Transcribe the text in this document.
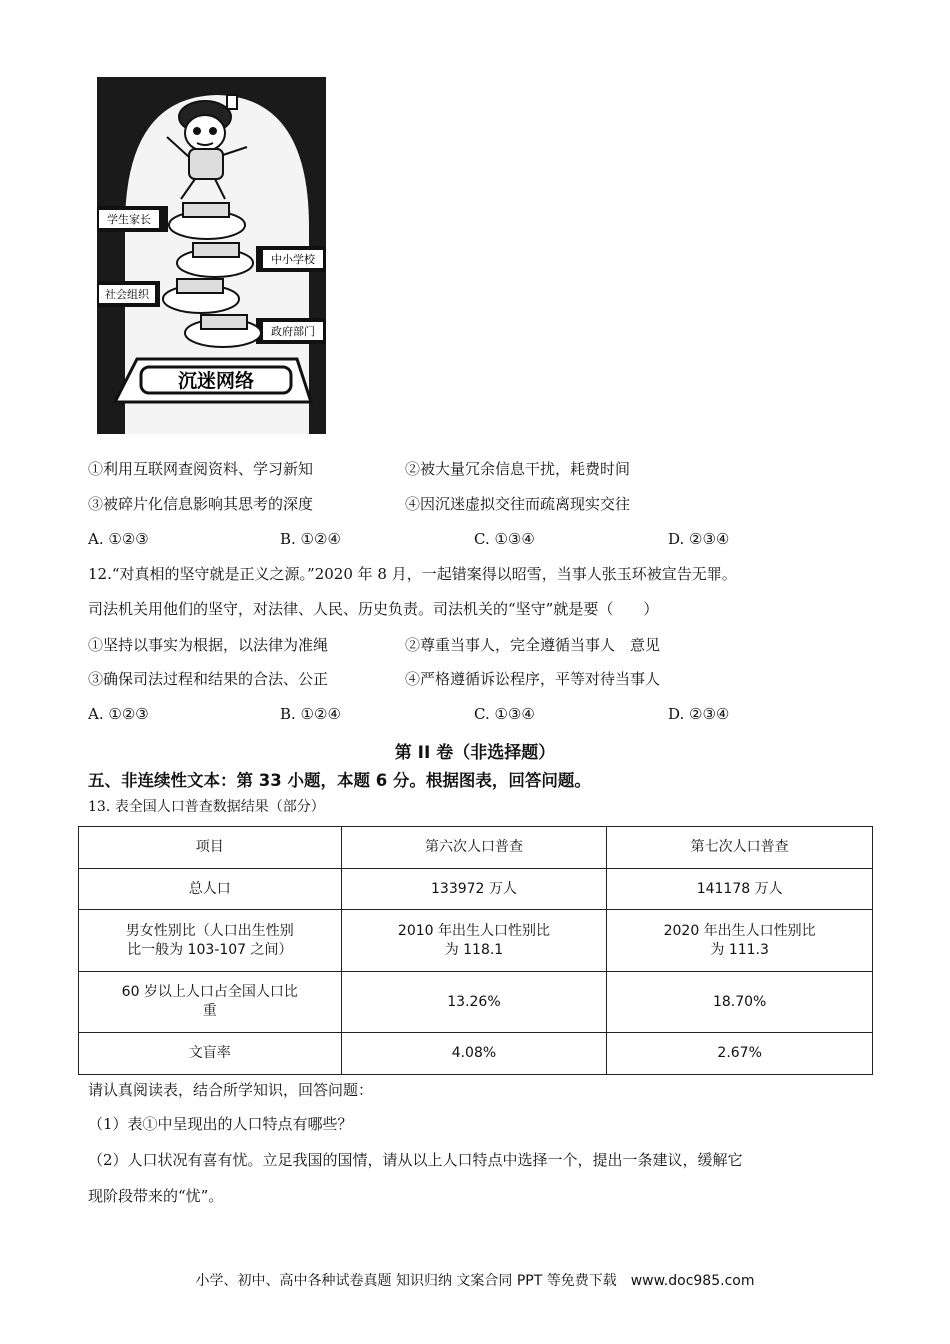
学生家长
中小学校
社会组织
政府部门
沉迷网络
①利用互联网查阅资料、学习新知	②被大量冗余信息干扰，耗费时间
③被碎片化信息影响其思考的深度	④因沉迷虚拟交往而疏离现实交往
A. ①②③	B. ①②④	C. ①③④	D. ②③④
12.“对真相的坚守就是正义之源。”2020 年 8 月，一起错案得以昭雪，当事人张玉环被宣告无罪。
司法机关用他们的坚守，对法律、人民、历史负责。司法机关的“坚守”就是要（　　）
①坚持以事实为根据，以法律为准绳	②尊重当事人，完全遵循当事人　意见
③确保司法过程和结果的合法、公正	④严格遵循诉讼程序，平等对待当事人
A. ①②③	B. ①②④	C. ①③④	D. ②③④
第 II 卷（非选择题）
五、非连续性文本：第 33 小题，本题 6 分。根据图表，回答问题。
13. 表全国人口普查数据结果（部分）
项目	第六次人口普查	第七次人口普查
总人口	133972 万人	141178 万人
男女性别比（人口出生性别比一般为 103-107 之间）	2010 年出生人口性别比为 118.1	2020 年出生人口性别比为 111.3
60 岁以上人口占全国人口比重	13.26%	18.70%
文盲率	4.08%	2.67%
请认真阅读表，结合所学知识，回答问题：
（1）表①中呈现出的人口特点有哪些？
（2）人口状况有喜有忧。立足我国的国情，请从以上人口特点中选择一个，提出一条建议，缓解它
现阶段带来的“忧”。
小学、初中、高中各种试卷真题 知识归纳 文案合同 PPT 等免费下载　www.doc985.com
